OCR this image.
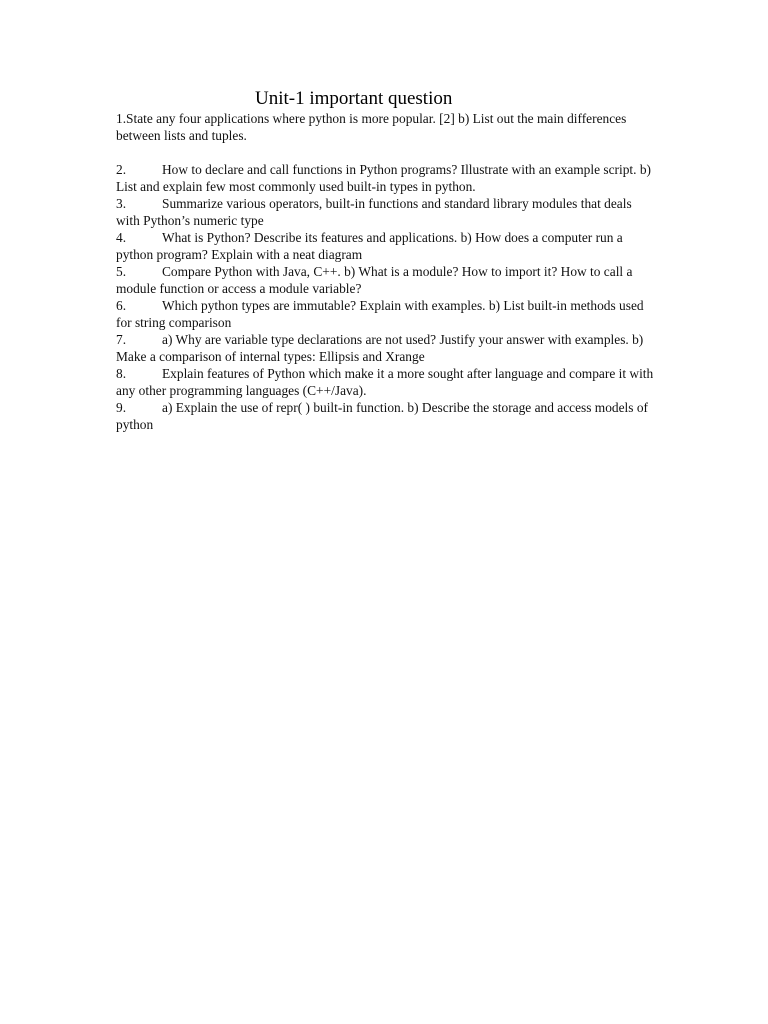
Unit-1 important question

1.State any four applications where python is more popular. [2] b) List out the main differences between lists and tuples.

2.	How to declare and call functions in Python programs? Illustrate with an example script. b) List and explain few most commonly used built-in types in python.

3.	Summarize various operators, built-in functions and standard library modules that deals with Python’s numeric type

4.	What is Python? Describe its features and applications. b) How does a computer run a python program? Explain with a neat diagram

5.	Compare Python with Java, C++. b) What is a module? How to import it? How to call a module function or access a module variable?

6.	Which python types are immutable? Explain with examples. b) List built-in methods used for string comparison

7.	a) Why are variable type declarations are not used? Justify your answer with examples. b) Make a comparison of internal types: Ellipsis and Xrange

8.	Explain features of Python which make it a more sought after language and compare it with any other programming languages (C++/Java).

9.	a) Explain the use of repr( ) built-in function. b) Describe the storage and access models of python
